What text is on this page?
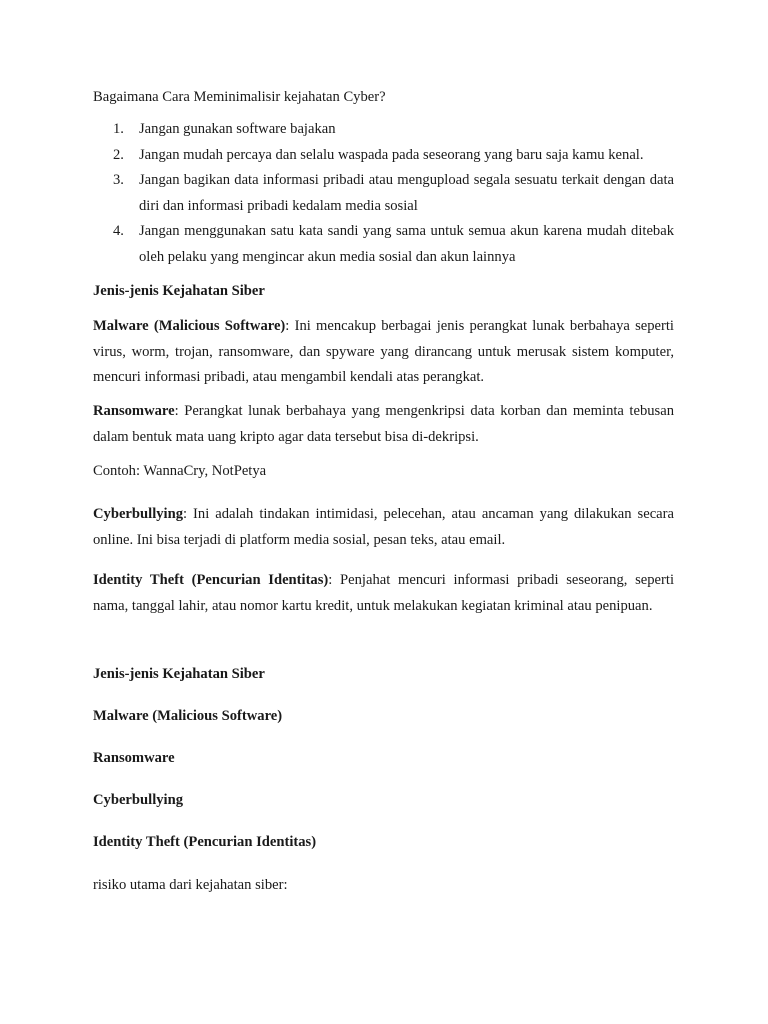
Bagaimana Cara Meminimalisir kejahatan Cyber?

1. Jangan gunakan software bajakan
2. Jangan mudah percaya dan selalu waspada pada seseorang yang baru saja kamu kenal.
3. Jangan bagikan data informasi pribadi atau mengupload segala sesuatu terkait dengan data diri dan informasi pribadi kedalam media sosial
4. Jangan menggunakan satu kata sandi yang sama untuk semua akun karena mudah ditebak oleh pelaku yang mengincar akun media sosial dan akun lainnya

Jenis-jenis Kejahatan Siber

Malware (Malicious Software): Ini mencakup berbagai jenis perangkat lunak berbahaya seperti virus, worm, trojan, ransomware, dan spyware yang dirancang untuk merusak sistem komputer, mencuri informasi pribadi, atau mengambil kendali atas perangkat.

Ransomware: Perangkat lunak berbahaya yang mengenkripsi data korban dan meminta tebusan dalam bentuk mata uang kripto agar data tersebut bisa di-dekripsi.

Contoh: WannaCry, NotPetya

Cyberbullying: Ini adalah tindakan intimidasi, pelecehan, atau ancaman yang dilakukan secara online. Ini bisa terjadi di platform media sosial, pesan teks, atau email.

Identity Theft (Pencurian Identitas): Penjahat mencuri informasi pribadi seseorang, seperti nama, tanggal lahir, atau nomor kartu kredit, untuk melakukan kegiatan kriminal atau penipuan.

Jenis-jenis Kejahatan Siber

Malware (Malicious Software)

Ransomware

Cyberbullying

Identity Theft (Pencurian Identitas)

risiko utama dari kejahatan siber:
